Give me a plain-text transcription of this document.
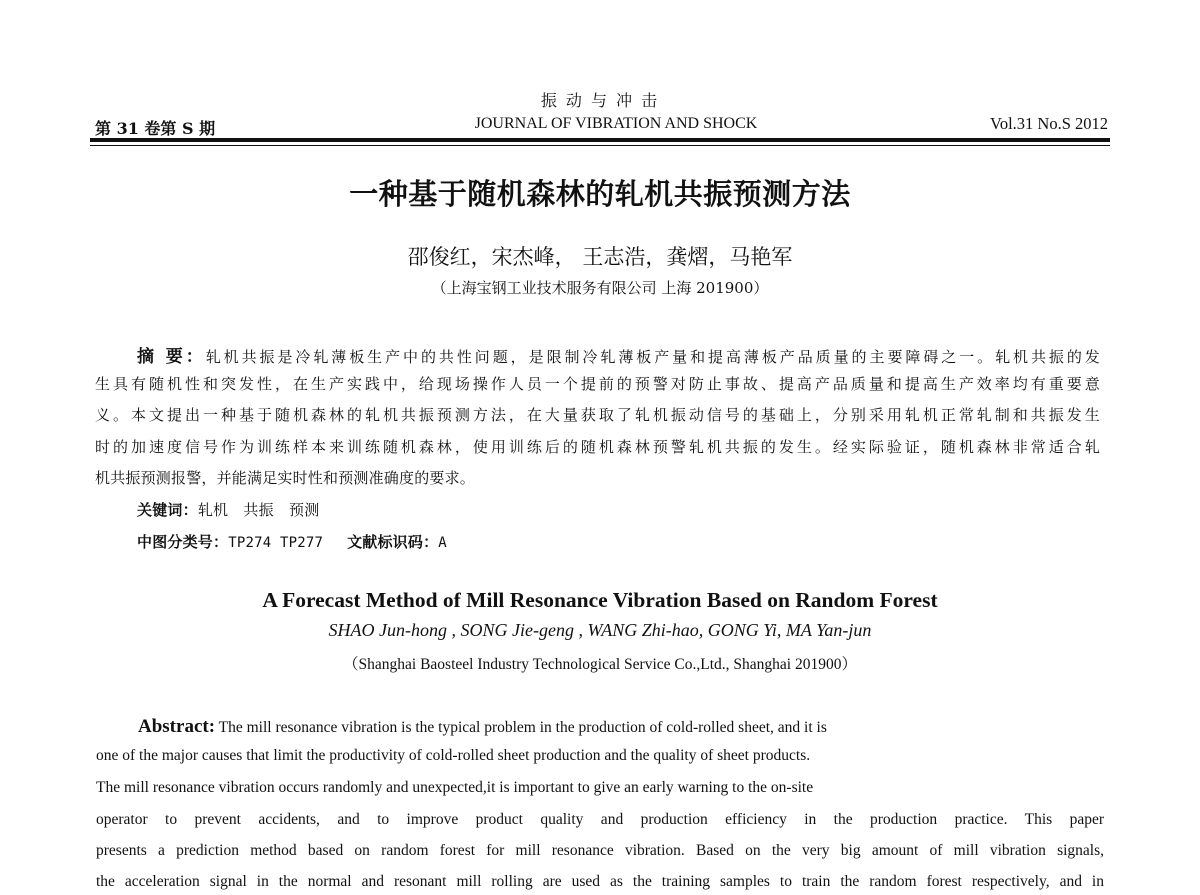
振 动 与 冲 击
第 31 卷第 S 期	JOURNAL OF VIBRATION AND SHOCK	Vol.31 No.S 2012
一种基于随机森林的轧机共振预测方法
邵俊红，宋杰峰， 王志浩，龚熠，马艳军
（上海宝钢工业技术服务有限公司 上海 201900）
摘 要：轧机共振是冷轧薄板生产中的共性问题，是限制冷轧薄板产量和提高薄板产品质量的主要障碍之一。轧机共振的发
生具有随机性和突发性，在生产实践中，给现场操作人员一个提前的预警对防止事故、提高产品质量和提高生产效率均有重要意
义。本文提出一种基于随机森林的轧机共振预测方法，在大量获取了轧机振动信号的基础上，分别采用轧机正常轧制和共振发生
时的加速度信号作为训练样本来训练随机森林，使用训练后的随机森林预警轧机共振的发生。经实际验证，随机森林非常适合轧
机共振预测报警，并能满足实时性和预测准确度的要求。
关键词：轧机　共振　预测
中图分类号：TP274 TP277 文献标识码：A
A Forecast Method of Mill Resonance Vibration Based on Random Forest
SHAO Jun-hong , SONG Jie-geng , WANG Zhi-hao, GONG Yi, MA Yan-jun
（Shanghai Baosteel Industry Technological Service Co.,Ltd., Shanghai 201900）
Abstract: The mill resonance vibration is the typical problem in the production of cold-rolled sheet, and it is
one of the major causes that limit the productivity of cold-rolled sheet production and the quality of sheet products.
The mill resonance vibration occurs randomly and unexpected,it is important to give an early warning to the on-site
operator to prevent accidents, and to improve product quality and production efficiency in the production practice. This paper
presents a prediction method based on random forest for mill resonance vibration. Based on the very big amount of mill vibration signals,
the acceleration signal in the normal and resonant mill rolling are used as the training samples to train the random forest respectively, and in
